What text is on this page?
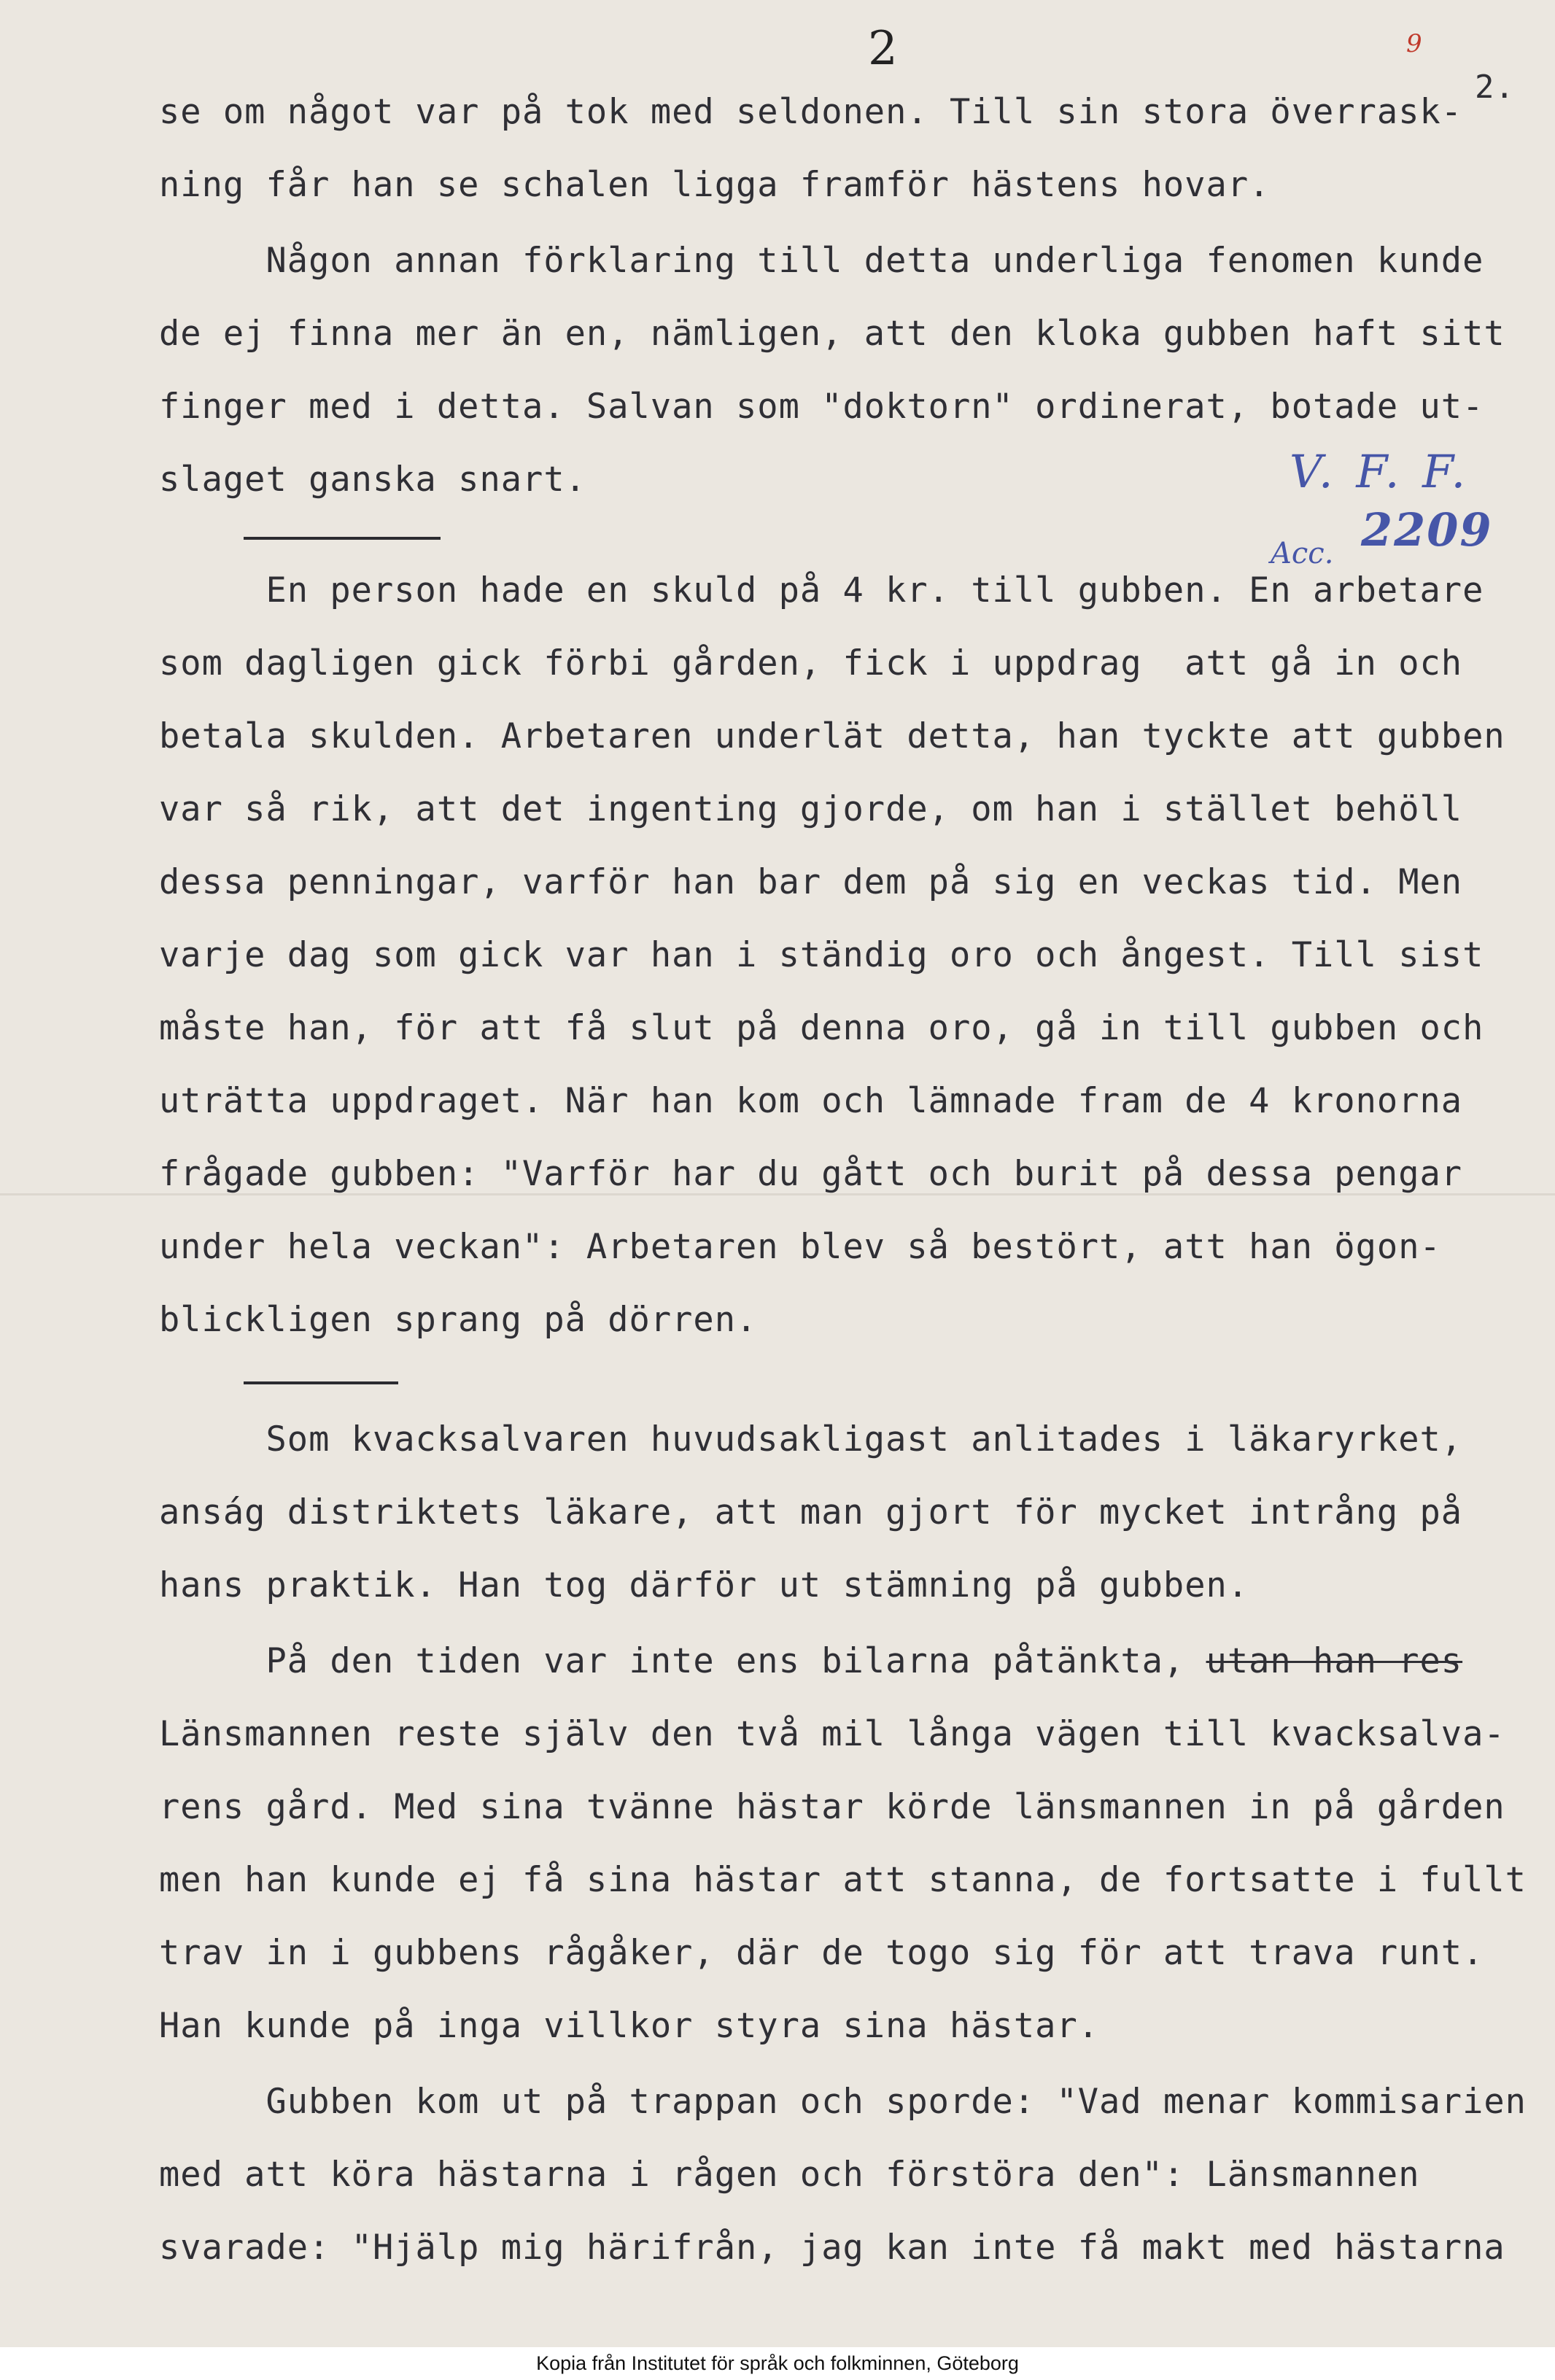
2	9
2.
V. F. F.
Acc. 2209

se om något var på tok med seldonen. Till sin stora överrask-

ning får han se schalen ligga framför hästens hovar.

Någon annan förklaring till detta underliga fenomen kunde

de ej finna mer än en, nämligen, att den kloka gubben haft sitt

finger med i detta. Salvan som "doktorn" ordinerat, botade ut-

slaget ganska snart.

En person hade en skuld på 4 kr. till gubben. En arbetare

som dagligen gick förbi gården, fick i uppdrag  att gå in och

betala skulden. Arbetaren underlät detta, han tyckte att gubben

var så rik, att det ingenting gjorde, om han i stället behöll

dessa penningar, varför han bar dem på sig en veckas tid. Men

varje dag som gick var han i ständig oro och ångest. Till sist

måste han, för att få slut på denna oro, gå in till gubben och

uträtta uppdraget. När han kom och lämnade fram de 4 kronorna

frågade gubben: "Varför har du gått och burit på dessa pengar

under hela veckan": Arbetaren blev så bestört, att han ögon-

blickligen sprang på dörren.

Som kvacksalvaren huvudsakligast anlitades i läkaryrket,

anság distriktets läkare, att man gjort för mycket intrång på

hans praktik. Han tog därför ut stämning på gubben.

På den tiden var inte ens bilarna påtänkta, utan han res

Länsmannen reste själv den två mil långa vägen till kvacksalva-

rens gård. Med sina tvänne hästar körde länsmannen in på gården

men han kunde ej få sina hästar att stanna, de fortsatte i fullt

trav in i gubbens rågåker, där de togo sig för att trava runt.

Han kunde på inga villkor styra sina hästar.

Gubben kom ut på trappan och sporde: "Vad menar kommisarien

med att köra hästarna i rågen och förstöra den": Länsmannen

svarade: "Hjälp mig härifrån, jag kan inte få makt med hästarna

Kopia från Institutet för språk och folkminnen, Göteborg
